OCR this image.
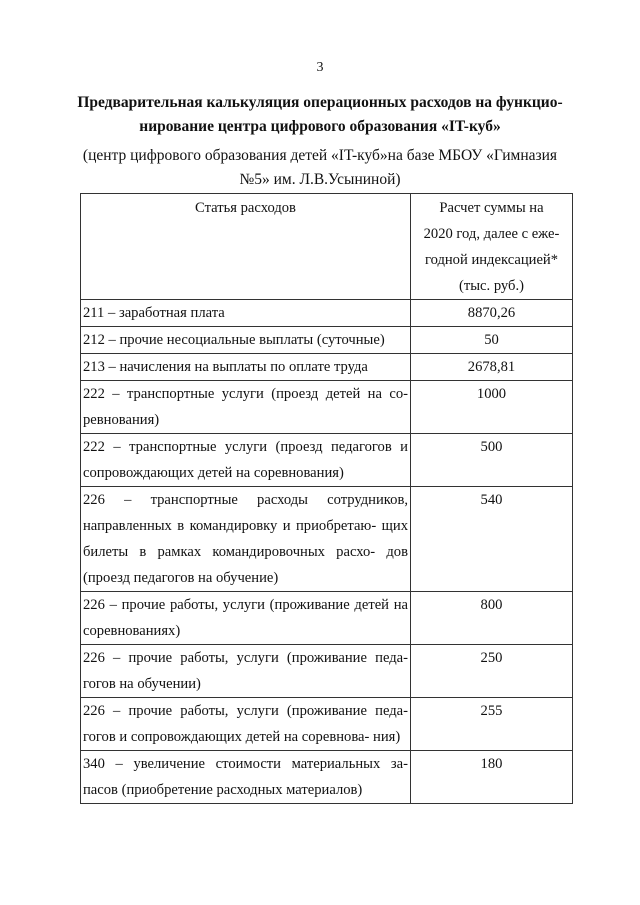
3
Предварительная калькуляция операционных расходов на функцио-
нирование центра цифрового образования «IT-куб»
(центр цифрового образования детей «IT-куб»на базе МБОУ «Гимназия
№5» им. Л.В.Усыниной)
Статья расходов	Расчет суммы на
2020 год, далее с еже-
годной индексацией*
(тыс. руб.)

211 – заработная плата	8870,26
212 – прочие несоциальные выплаты (суточные)	50
213 – начисления на выплаты по оплате труда	2678,81
222 – транспортные услуги (проезд детей на со- ревнования)	1000
222 – транспортные услуги (проезд педагогов и сопровождающих детей на соревнования)	500
226 – транспортные расходы сотрудников, направленных в командировку и приобретаю- щих билеты в рамках командировочных расхо- дов (проезд педагогов на обучение)	540
226 – прочие работы, услуги (проживание детей на соревнованиях)	800
226 – прочие работы, услуги (проживание педа- гогов на обучении)	250
226 – прочие работы, услуги (проживание педа- гогов и сопровождающих детей на соревнова- ния)	255
340 – увеличение стоимости материальных за- пасов (приобретение расходных материалов)	180
